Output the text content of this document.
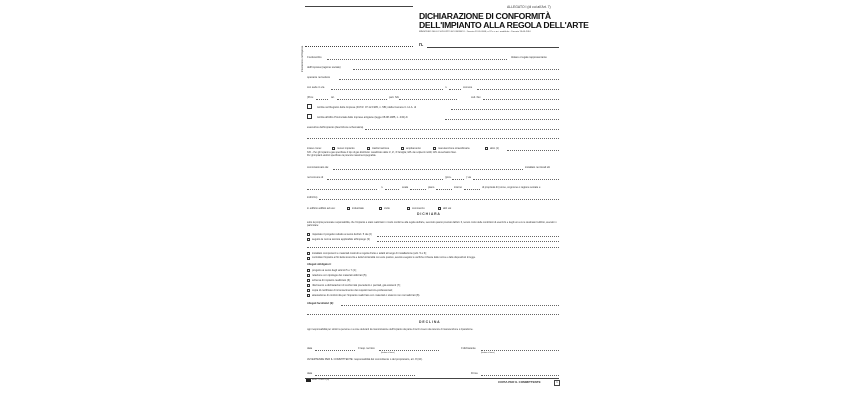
ALLEGATO I (di cui all'Art. 7)
DICHIARAZIONE DI CONFORMITÀ
DELL'IMPIANTO ALLA REGOLA DELL'ARTE
MINISTERO DELLO SVILUPPO ECONOMICO - Decreto 22-01-2008, n.37 e s.m.i. modifiche - Decreto 19-05-2010
n.
Intestazione dell'impresa Il sottoscritto	titolare o legale rappresentante
dell'impresa (ragione sociale)
operante nel settore
con sede in via	n.	comune
(Prov.	tel.	part. IVA	cod. fisc.
iscritta nel Registro delle Imprese (D.P.R. 07.12.1995, n. 581) della Camera C.I.A.A. di
iscritta all'Albo Provinciale delle imprese artigiane (legge 08.08.1985, n. 443) di
esecutrice dell'impianto (descrizione schematica)
inteso come:	nuovo impianto	trasformazione	ampliamento	manutenzione straordinaria	altro (1)
N.B. - Per gli impianti a gas specificare il tipo di gas distribuito: canalizzato della 1ª, 2ª, 3ª famiglia; GPL da recipienti mobili; GPL da serbatoio fisso.
Per gli impianti elettrici specificare la potenza massima impegnabile.
commissionato da:	installato nei locali siti
nel comune di	(prov.	) via
n.	scala	piano	interno	di proprietà di (nome, cognome o ragione sociale e
indirizzo)
in edificio adibito ad uso:	industriale	civile	commercio	altri usi
D I C H I A R A
sotto la propria personale responsabilità, che l'impianto è stato realizzato in modo conforme alla regola dell'arte, secondo quanto previsto dall'art. 6, tenuto conto delle condizioni di esercizio e degli usi a cui è destinato l'edificio, avendo in particolare:
rispettato il progetto redatto ai sensi dell'art. 5 da (2)
seguito la norma tecnica applicabile all'impiego (3)
installato componenti e materiali costruiti a regola d'arte e adatti al luogo di installazione (artt. 5 e 6);
controllato l'impianto ai fini della sicurezza e della funzionalità con esito positivo, avendo eseguito le verifiche richieste dalle norme e dalle disposizioni di legge.
Allegati obbligatori:
progetto ai sensi degli articoli 5 e 7 (4);
relazione con tipologie dei materiali utilizzati (5);
schema di impianto realizzato (6);
riferimento a dichiarazioni di conformità precedenti o parziali, già esistenti (7);
copia di certificato di riconoscimento dei requisiti tecnico-professionali;
attestazione di conformità per l'impianto realizzato con materiali o sistemi non normalizzati (8).
Allegati facoltativi (9):
D E C L I N A
ogni responsabilità per sinistri a persone o a cose derivanti da manomissione dell'impianto da parte di terzi ovvero da carenze di manutenzione o riparazione.
data	Il resp. tecnico
(timbro e firma)
Il dichiarante
(timbro e firma)
AVVERTENZE PER IL COMMITTENTE: responsabilità del committente o del proprietario, art. 8 (10).
data	Firma
MOD. 2-30/21 (a)	COPIA PER IL COMMITTENTE	1
